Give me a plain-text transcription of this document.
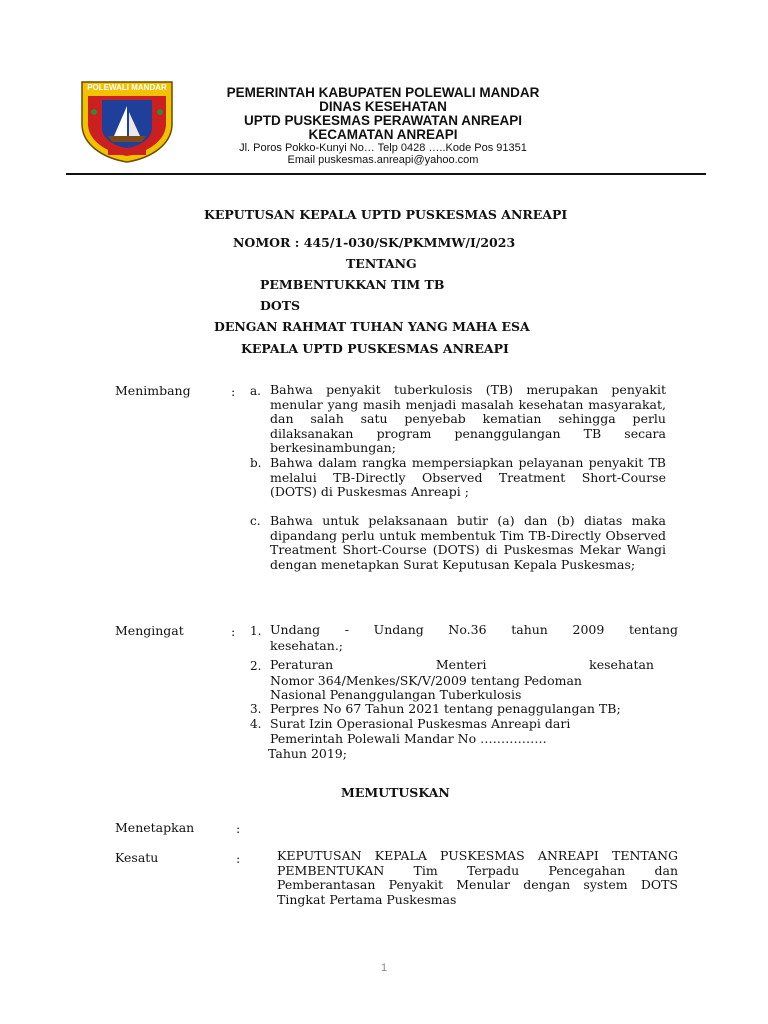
POLEWALI MANDAR	PEMERINTAH KABUPATEN POLEWALI MANDAR
DINAS KESEHATAN
UPTD PUSKESMAS PERAWATAN ANREAPI
KECAMATAN ANREAPI
Jl. Poros Pokko-Kunyi No… Telp 0428 …..Kode Pos 91351
Email puskesmas.anreapi@yahoo.com
KEPUTUSAN KEPALA UPTD PUSKESMAS ANREAPI
NOMOR : 445/1-030/SK/PKMMW/I/2023
TENTANG
PEMBENTUKKAN TIM TB
DOTS
DENGAN RAHMAT TUHAN YANG MAHA ESA
KEPALA UPTD PUSKESMAS ANREAPI
Menimbang	: a. Bahwa penyakit tuberkulosis (TB) merupakan penyakit menular yang masih menjadi masalah kesehatan masyarakat, dan salah satu penyebab kematian sehingga perlu dilaksanakan program penanggulangan TB secara berkesinambungan;
b. Bahwa dalam rangka mempersiapkan pelayanan penyakit TB melalui TB-Directly Observed Treatment Short-Course (DOTS) di Puskesmas Anreapi ;
c. Bahwa untuk pelaksanaan butir (a) dan (b) diatas maka dipandang perlu untuk membentuk Tim TB-Directly Observed Treatment Short-Course (DOTS) di Puskesmas Mekar Wangi dengan menetapkan Surat Keputusan Kepala Puskesmas;
Mengingat	: 1. Undang - Undang No.36 tahun 2009 tentang
kesehatan.;
2. Peraturan Menteri kesehatan
Nomor 364/Menkes/SK/V/2009 tentang Pedoman
Nasional Penanggulangan Tuberkulosis
3. Perpres No 67 Tahun 2021 tentang penaggulangan TB;
4. Surat Izin Operasional Puskesmas Anreapi dari
Pemerintah Polewali Mandar No …………….
Tahun 2019;
MEMUTUSKAN
Menetapkan	:
Kesatu	:	KEPUTUSAN KEPALA PUSKESMAS ANREAPI TENTANG PEMBENTUKAN Tim Terpadu Pencegahan dan Pemberantasan Penyakit Menular dengan system DOTS Tingkat Pertama Puskesmas
1
